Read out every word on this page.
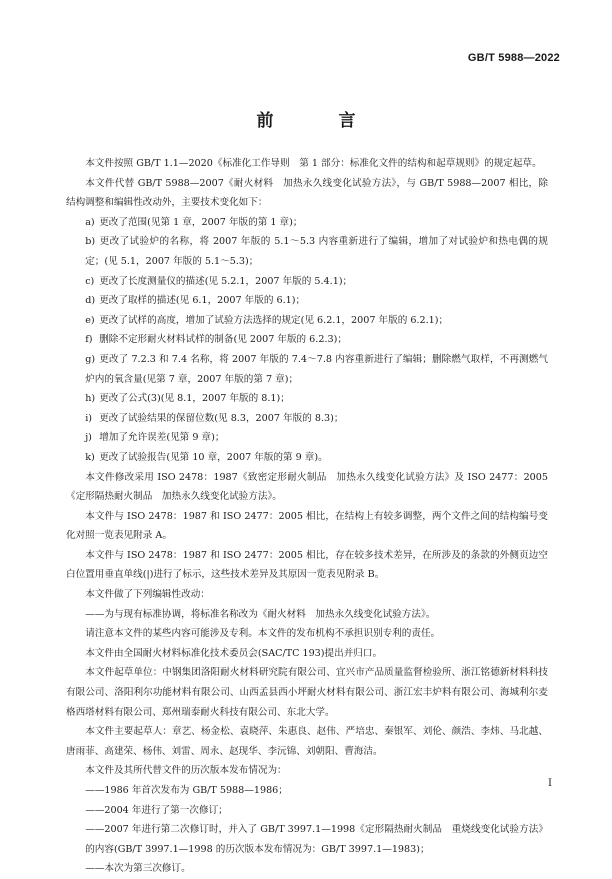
GB/T 5988—2022
前　言

本文件按照 GB/T 1.1—2020《标准化工作导则　第 1 部分：标准化文件的结构和起草规则》的规定起草。

本文件代替 GB/T 5988—2007《耐火材料　加热永久线变化试验方法》，与 GB/T 5988—2007 相比，除结构调整和编辑性改动外，主要技术变化如下：

a) 更改了范围(见第 1 章，2007 年版的第 1 章)；

b) 更改了试验炉的名称，将 2007 年版的 5.1～5.3 内容重新进行了编辑，增加了对试验炉和热电偶的规定；(见 5.1，2007 年版的 5.1～5.3)；

c) 更改了长度测量仪的描述(见 5.2.1，2007 年版的 5.4.1)；

d) 更改了取样的描述(见 6.1，2007 年版的 6.1)；

e) 更改了试样的高度，增加了试验方法选择的规定(见 6.2.1，2007 年版的 6.2.1)；

f) 删除不定形耐火材料试样的制备(见 2007 年版的 6.2.3)；

g) 更改了 7.2.3 和 7.4 名称，将 2007 年版的 7.4～7.8 内容重新进行了编辑；删除燃气取样，不再测燃气炉内的氧含量(见第 7 章，2007 年版的第 7 章)；

h) 更改了公式(3)(见 8.1，2007 年版的 8.1)；

i) 更改了试验结果的保留位数(见 8.3，2007 年版的 8.3)；

j) 增加了允许误差(见第 9 章)；

k) 更改了试验报告(见第 10 章，2007 年版的第 9 章)。

本文件修改采用 ISO 2478：1987《致密定形耐火制品　加热永久线变化试验方法》及 ISO 2477：2005《定形隔热耐火制品　加热永久线变化试验方法》。

本文件与 ISO 2478：1987 和 ISO 2477：2005 相比，在结构上有较多调整，两个文件之间的结构编号变化对照一览表见附录 A。

本文件与 ISO 2478：1987 和 ISO 2477：2005 相比，存在较多技术差异，在所涉及的条款的外侧页边空白位置用垂直单线(|)进行了标示，这些技术差异及其原因一览表见附录 B。

本文件做了下列编辑性改动：

——为与现有标准协调，将标准名称改为《耐火材料　加热永久线变化试验方法》。

请注意本文件的某些内容可能涉及专利。本文件的发布机构不承担识别专利的责任。

本文件由全国耐火材料标准化技术委员会(SAC/TC 193)提出并归口。

本文件起草单位：中钢集团洛阳耐火材料研究院有限公司、宜兴市产品质量监督检验所、浙江铭德新材料科技有限公司、洛阳利尔功能材料有限公司、山西孟县西小坪耐火材料有限公司、浙江宏丰炉料有限公司、海城利尔麦格西塔材料有限公司、郑州瑞泰耐火科技有限公司、东北大学。

本文件主要起草人：章艺、杨金松、袁晓萍、朱惠良、赵伟、严培忠、秦银军、刘伦、颜浩、李炜、马北越、唐雨菲、高建荣、杨伟、刘雷、周永、赵现华、李沅锦、刘朝阳、曹海洁。

本文件及其所代替文件的历次版本发布情况为：

——1986 年首次发布为 GB/T 5988—1986；

——2004 年进行了第一次修订；

——2007 年进行第二次修订时，并入了 GB/T 3997.1—1998《定形隔热耐火制品　重烧线变化试验方法》的内容(GB/T 3997.1—1998 的历次版本发布情况为：GB/T 3997.1—1983)；

——本次为第三次修订。

I
